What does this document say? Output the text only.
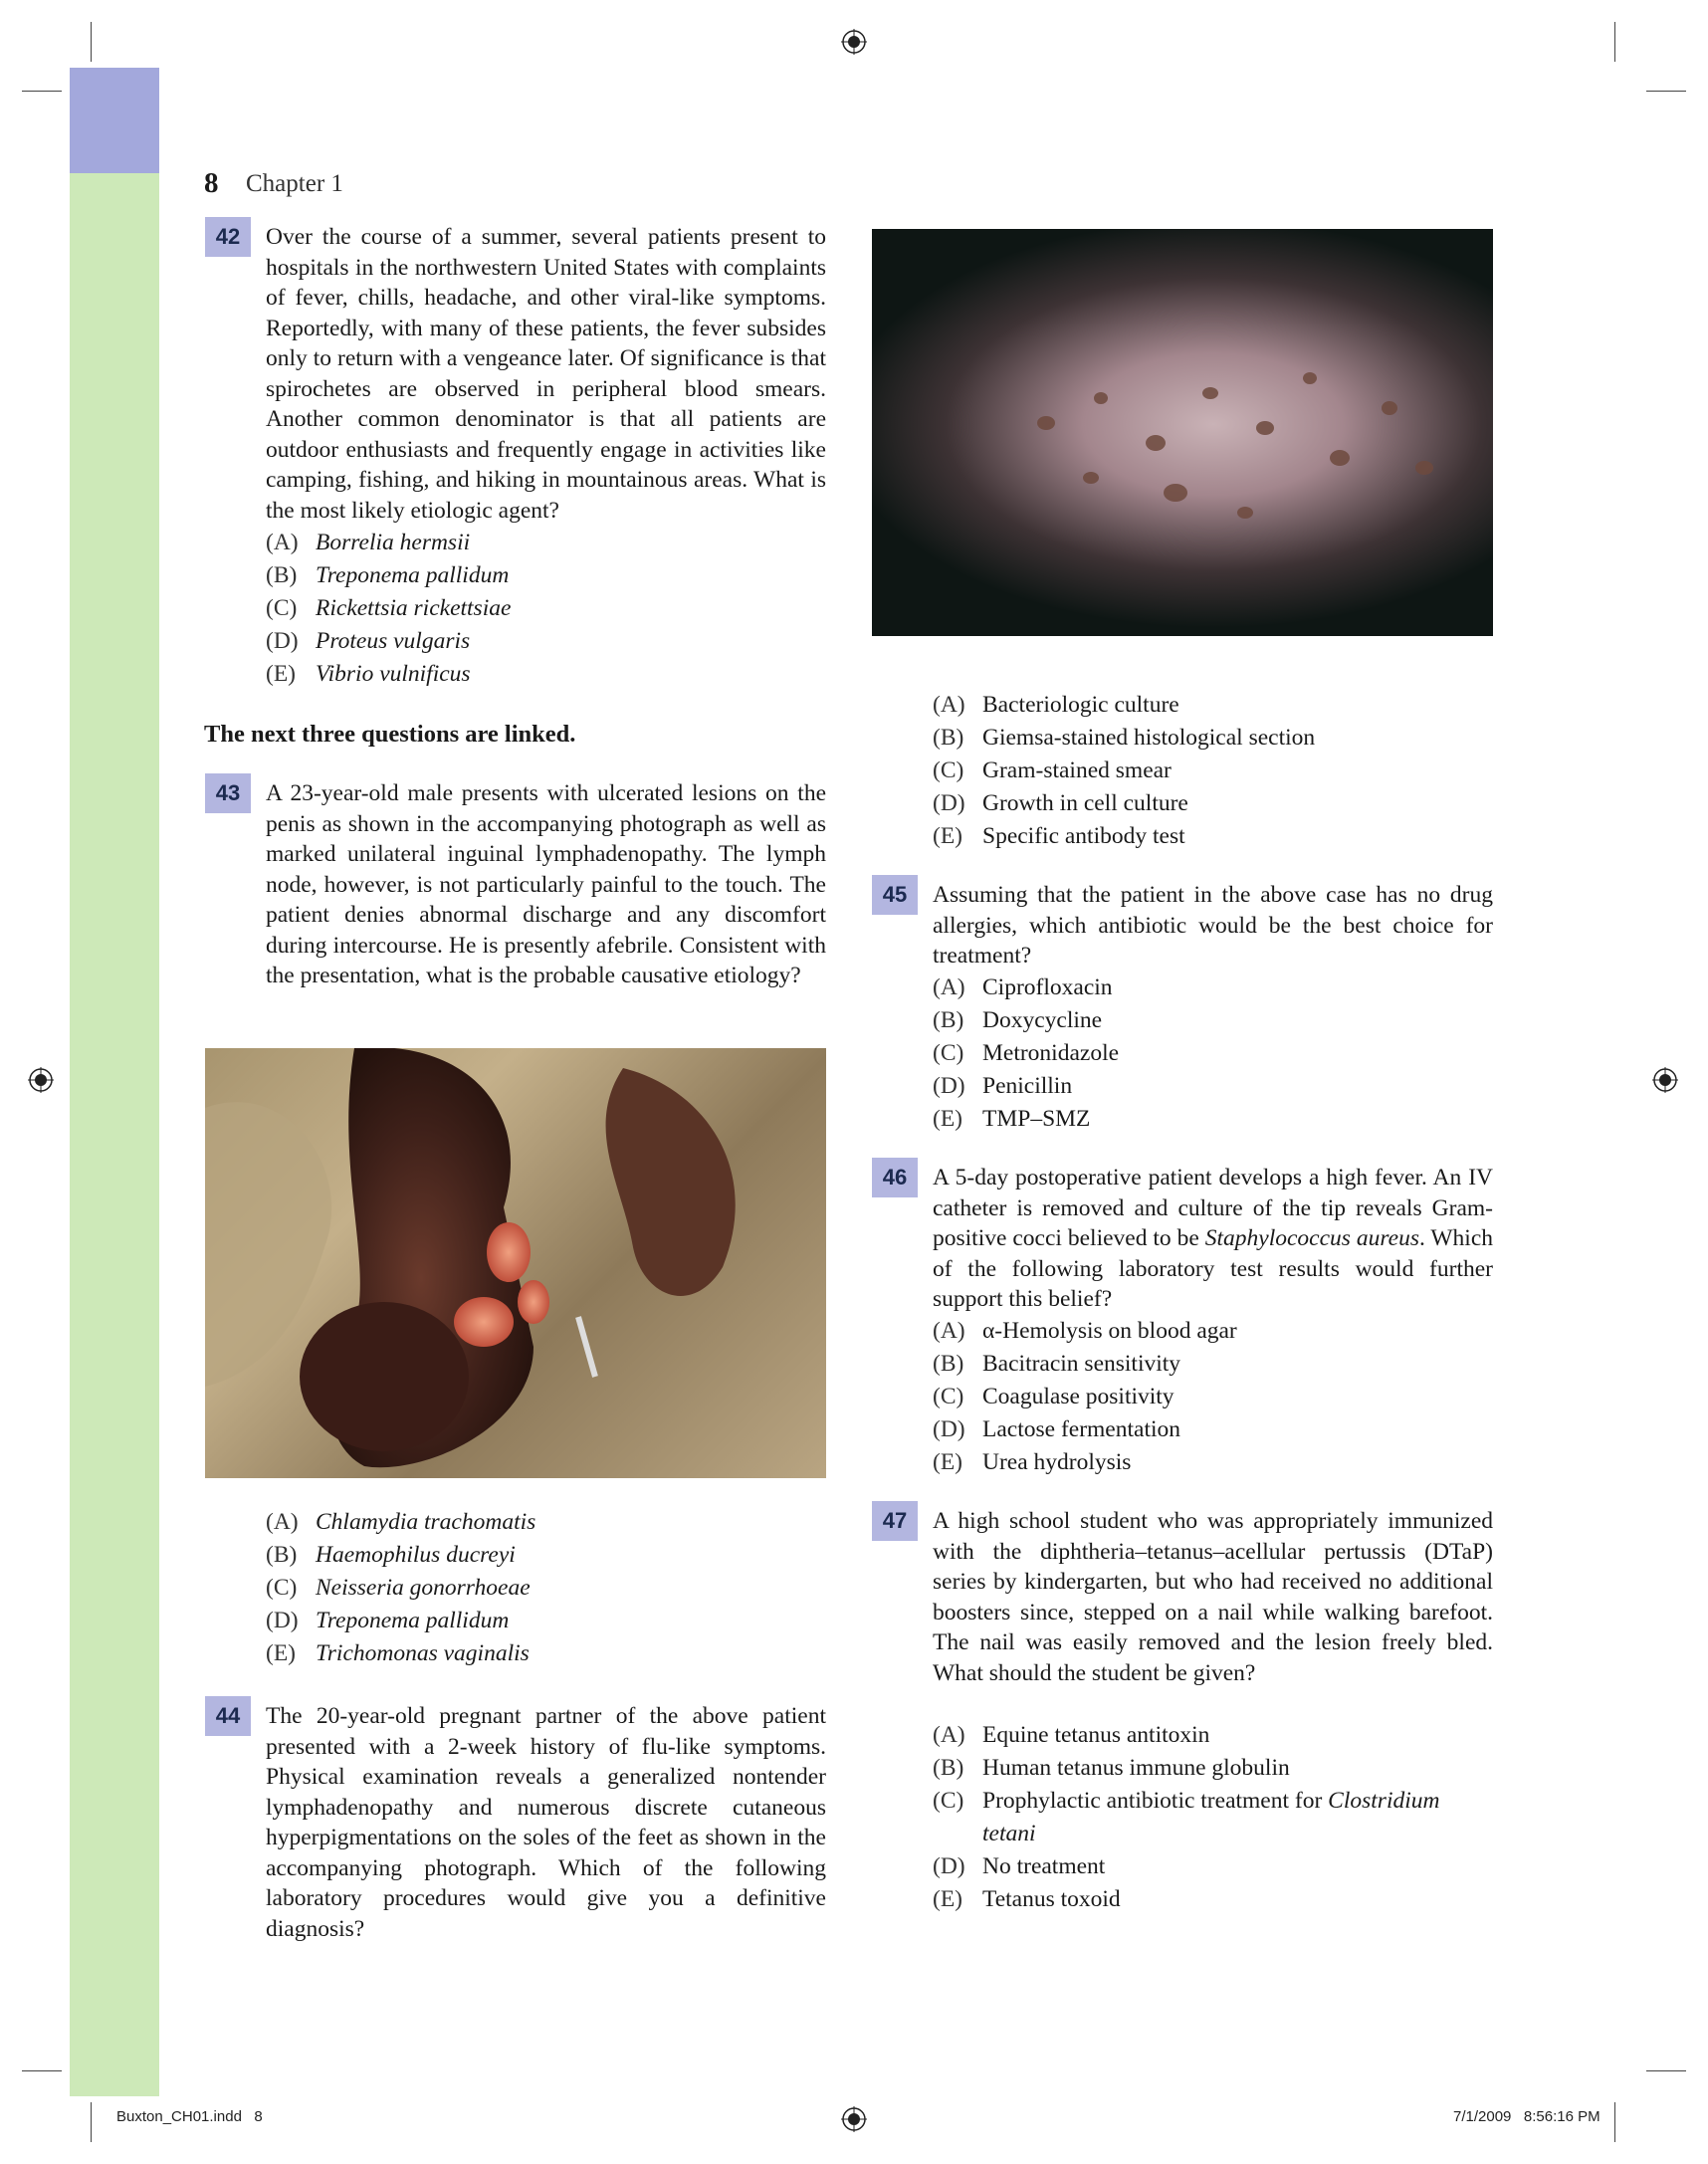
8 Chapter 1
42	Over the course of a summer, several patients present to hospitals in the northwestern United States with complaints of fever, chills, headache, and other viral-like symptoms. Reportedly, with many of these patients, the fever subsides only to return with a vengeance later. Of significance is that spirochetes are observed in peripheral blood smears. Another common denominator is that all patients are outdoor enthusiasts and frequently engage in activities like camping, fishing, and hiking in mountainous areas. What is the most likely etiologic agent?
(A) Borrelia hermsii
(B) Treponema pallidum
(C) Rickettsia rickettsiae
(D) Proteus vulgaris
(E) Vibrio vulnificus
The next three questions are linked.
43	A 23-year-old male presents with ulcerated lesions on the penis as shown in the accompanying photograph as well as marked unilateral inguinal lymphadenopathy. The lymph node, however, is not particularly painful to the touch. The patient denies abnormal discharge and any discomfort during intercourse. He is presently afebrile. Consistent with the presentation, what is the probable causative etiology?
(A) Chlamydia trachomatis
(B) Haemophilus ducreyi
(C) Neisseria gonorrhoeae
(D) Treponema pallidum
(E) Trichomonas vaginalis
44	The 20-year-old pregnant partner of the above patient presented with a 2-week history of flu-like symptoms. Physical examination reveals a generalized nontender lymphadenopathy and numerous discrete cutaneous hyperpigmentations on the soles of the feet as shown in the accompanying photograph. Which of the following laboratory procedures would give you a definitive diagnosis?
(A) Bacteriologic culture
(B) Giemsa-stained histological section
(C) Gram-stained smear
(D) Growth in cell culture
(E) Specific antibody test
45	Assuming that the patient in the above case has no drug allergies, which antibiotic would be the best choice for treatment?
(A) Ciprofloxacin
(B) Doxycycline
(C) Metronidazole
(D) Penicillin
(E) TMP–SMZ
46	A 5-day postoperative patient develops a high fever. An IV catheter is removed and culture of the tip reveals Gram-positive cocci believed to be Staphylococcus aureus. Which of the following laboratory test results would further support this belief?
(A) α-Hemolysis on blood agar
(B) Bacitracin sensitivity
(C) Coagulase positivity
(D) Lactose fermentation
(E) Urea hydrolysis
47	A high school student who was appropriately immunized with the diphtheria–tetanus–acellular pertussis (DTaP) series by kindergarten, but who had received no additional boosters since, stepped on a nail while walking barefoot. The nail was easily removed and the lesion freely bled. What should the student be given?
(A) Equine tetanus antitoxin
(B) Human tetanus immune globulin
(C) Prophylactic antibiotic treatment for Clostridium tetani
(D) No treatment
(E) Tetanus toxoid
Buxton_CH01.indd   8	7/1/2009   8:56:16 PM
